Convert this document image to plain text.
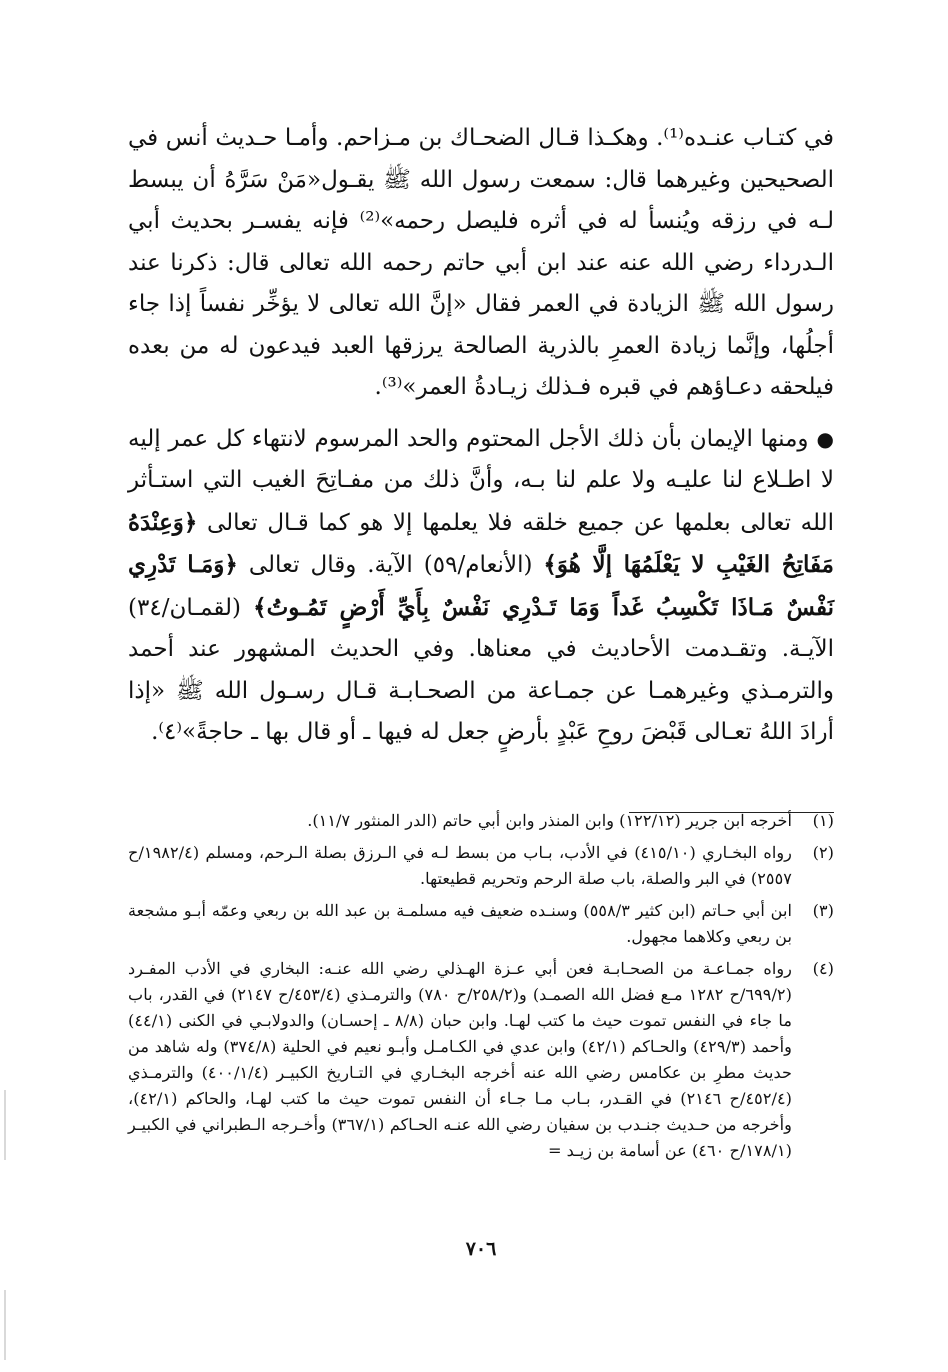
في كتـاب عنـده⁽¹⁾. وهكـذا قـال الضحـاك بن مـزاحم. وأمـا حـديث أنس في الصحيحين وغيرهما قال: سمعت رسول الله ﷺ يقـول«مَنْ سَرَّهُ أن يبسط لـه في رزقه ويُنسأ له في أثره فليصل رحمه»⁽²⁾ فإنه يفسـر بحديث أبي الـدرداء رضي الله عنه عند ابن أبي حاتم رحمه الله تعالى قال: ذكرنا عند رسول الله ﷺ الزيادة في العمر فقال «إنَّ الله تعالى لا يؤخِّر نفساً إذا جاء أجلُها، وإنَّما زيادة العمرِ بالذرية الصالحة يرزقها العبد فيدعون له من بعده فيلحقه دعـاؤهم في قبره فـذلك زيـادةُ العمر»⁽³⁾.

●ومنها الإيمان بأن ذلك الأجل المحتوم والحد المرسوم لانتهاء كل عمر إليه لا اطـلاع لنا عليـه ولا علم لنا بـه، وأنَّ ذلك من مفـاتِحَ الغيب التي استـأثر الله تعالى بعلمها عن جميع خلقه فلا يعلمها إلا هو كما قـال تعالى ﴿وَعِنْدَهُ مَفَاتِحُ الغَيْبِ لا يَعْلَمُهَا إلَّا هُوَ﴾ (الأنعام/٥٩) الآية. وقال تعالى ﴿وَمَـا تَدْرِي نَفْسٌ مَـاذَا تَكْسِبُ غَداً وَمَا تَـدْرِي نَفْسٌ بِأَيِّ أَرْضٍ تَمُـوتُ﴾ (لقمـان/٣٤) الآيـة. وتقـدمت الأحاديث في معناها. وفي الحديث المشهور عند أحمد والترمـذي وغيرهمـا عن جمـاعة من الصحـابـة قـال رسـول الله ﷺ «إذا أرادَ اللهُ تعـالى قَبْضَ روحِ عَبْدٍ بأرضٍ جعل له فيها ـ أو قال بها ـ حاجةً»⁽٤⁾.

(١)
أخرجه ابن جرير (١٢٢/١٢) وابن المنذر وابن أبي حاتم (الدر المنثور ١١/٧).
(٢)
رواه البخـاري (٤١٥/١٠) في الأدب، بـاب من بسط لـه في الـرزق بصلة الـرحم، ومسلم (١٩٨٢/٤/ح ٢٥٥٧) في البر والصلة، باب صلة الرحم وتحريم قطيعتها.
(٣)
ابن أبي حـاتم (ابن كثير ٥٥٨/٣) وسنـده ضعيف فيه مسلمـة بن عبد الله بن ربعي وعمّه أبـو مشجعة بن ربعي وكلاهما مجهول.
(٤)
رواه جمـاعـة من الصحـابـة فعن أبي عـزة الهـذلي رضي الله عنـه: البخاري في الأدب المفـرد (٦٩٩/٢/ح ١٢٨٢ مـع فضل الله الصمـد) و(٢٥٨/٢/ح ٧٨٠) والترمـذي (٤٥٣/٤/ح ٢١٤٧) في القدر، باب ما جاء في النفس تموت حيث ما كتب لهـا. وابن حبان (٨/٨ ـ إحسـان) والدولابـي في الكنى (٤٤/١) وأحمد (٤٢٩/٣) والحـاكم (٤٢/١) وابن عدي في الكـامـل وأبـو نعيم في الحلية (٣٧٤/٨) وله شاهد من حديث مطرِ بن عكامس رضي الله عنه أخرجه البخـاري في التـاريخ الكبيـر (٤٠٠/١/٤) والترمـذي (٤٥٢/٤/ح ٢١٤٦) في القـدر، بـاب مـا جـاء أن النفس تموت حيث ما كتب لهـا، والحاكم (٤٢/١)، وأخرجه من حـديث جنـدب بن سفيان رضي الله عنـه الحـاكم (٣٦٧/١) وأخـرجه الـطبراني في الكبيـر (١٧٨/١/ح ٤٦٠) عن أسامة بن زيـد =
٧٠٦
